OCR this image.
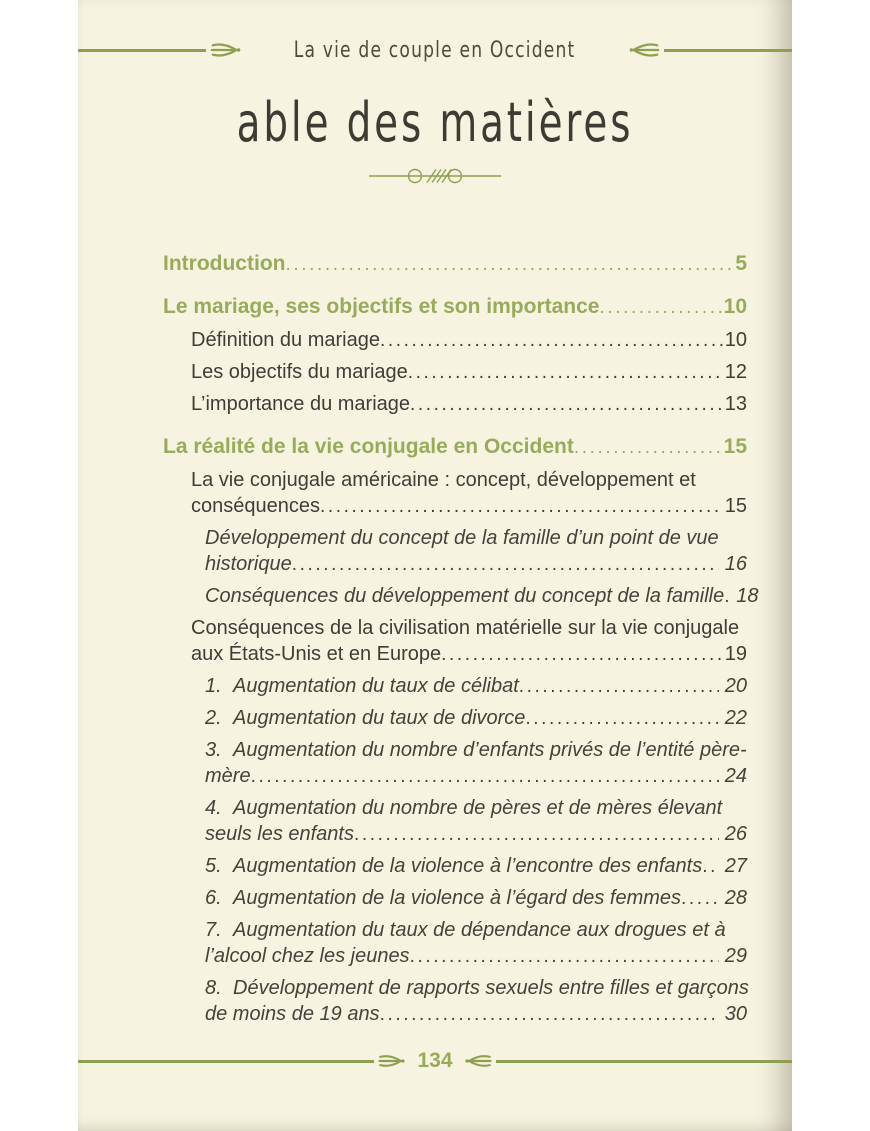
La vie de couple en Occident
able des matières
Introduction .....	5
Le mariage, ses objectifs et son importance .....	10
Définition du mariage .....	10
Les objectifs du mariage .....	12
L’importance du mariage .....	13
La réalité de la vie conjugale en Occident .....	15
La vie conjugale américaine : concept, développement et
conséquences .....	15
Développement du concept de la famille d’un point de vue
historique .....	16
Conséquences du développement du concept de la famille ..... 18
Conséquences de la civilisation matérielle sur la vie conjugale
aux États-Unis et en Europe .....	19
1. Augmentation du taux de célibat .....	20
2. Augmentation du taux de divorce .....	22
3. Augmentation du nombre d’enfants privés de l’entité père-
mère .....	24
4. Augmentation du nombre de pères et de mères élevant
seuls les enfants .....	26
5. Augmentation de la violence à l’encontre des enfants ..... 27
6. Augmentation de la violence à l’égard des femmes ..... 28
7. Augmentation du taux de dépendance aux drogues et à
l’alcool chez les jeunes .....	29
8. Développement de rapports sexuels entre filles et garçons
de moins de 19 ans .....	30
134
